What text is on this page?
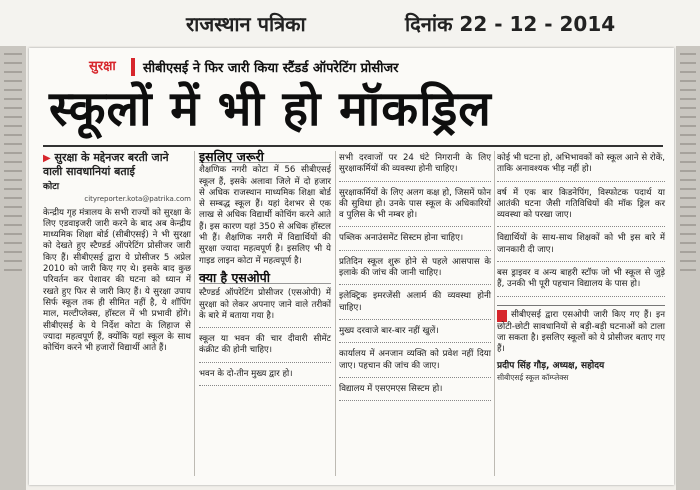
राजस्थान पत्रिका	दिनांक 22 - 12 - 2014
सुरक्षा सीबीएसई ने फिर जारी किया स्टैंडर्ड ऑपरेटिंग प्रोसीजर
स्कूलों में भी हो मॉकड्रिल
▶ सुरक्षा के मद्देनजर बरती जाने
वाली सावधानियां बताई
कोटा
cityreporter.kota@patrika.com
केन्द्रीय गृह मंत्रालय के सभी राज्यों को सुरक्षा के लिए एडवाइजरी जारी करने के बाद अब केन्द्रीय माध्यमिक शिक्षा बोर्ड (सीबीएसई) ने भी सुरक्षा को देखते हुए स्टैण्डर्ड ऑपरेटिंग प्रोसीजर जारी किए हैं। सीबीएसई द्वारा ये प्रोसीजर 5 अप्रेल 2010 को जारी किए गए थे। इसके बाद कुछ परिवर्तन कर पेशावर की घटना को ध्यान में रखते हुए फिर से जारी किए हैं। ये सुरक्षा उपाय सिर्फ स्कूल तक ही सीमित नहीं है, ये शॉपिंग माल, मल्टीप्लेक्स, हॉस्टल में भी प्रभावी होंगे। सीबीएसई के ये निर्देश कोटा के लिहाज से ज्यादा महत्वपूर्ण हैं, क्योंकि यहां स्कूल के साथ कोचिंग करने भी हजारों विद्यार्थी आते हैं।
इसलिए जरूरी
शैक्षणिक नगरी कोटा में 56 सीबीएसई स्कूल हैं, इसके अलावा जिले में दो हजार से अधिक राजस्थान माध्यमिक शिक्षा बोर्ड से सम्बद्ध स्कूल हैं। यहां देशभर से एक लाख से अधिक विद्यार्थी कोचिंग करने आते हैं। इस कारण यहां 350 से अधिक हॉस्टल भी हैं। शैक्षणिक नगरी में विद्यार्थियों की सुरक्षा ज्यादा महत्वपूर्ण है। इसलिए भी ये गाइड लाइन कोटा में महत्वपूर्ण है।
क्या है एसओपी
स्टैण्डर्ड ऑपरेटिंग प्रोसीजर (एसओपी) में सुरक्षा को लेकर अपनाए जाने वाले तरीकों के बारे में बताया गया है।
स्कूल या भवन की चार दीवारी सीमेंट कंक्रीट की होनी चाहिए।
भवन के दो-तीन मुख्य द्वार हो।
सभी दरवाजों पर 24 घंटे निगरानी के लिए सुरक्षाकर्मियों की व्यवस्था होनी चाहिए।
सुरक्षाकर्मियों के लिए अलग कक्ष हो, जिसमें फोन की सुविधा हो। उनके पास स्कूल के अधिकारियों व पुलिस के भी नम्बर हो।
पब्लिक अनाउंसमेंट सिस्टम होना चाहिए।
प्रतिदिन स्कूल शुरू होने से पहले आसपास के इलाके की जांच की जानी चाहिए।
इलेक्ट्रिक इमरजेंसी अलार्म की व्यवस्था होनी चाहिए।
मुख्य दरवाजे बार-बार नहीं खुलें।
कार्यालय में अनजान व्यक्ति को प्रवेश नहीं दिया जाए। पहचान की जांच की जाए।
विद्यालय में एसएमएस सिस्टम हो।
कोई भी घटना हो, अभिभावकों को स्कूल आने से रोकें, ताकि अनावश्यक भीड़ नहीं हो।
वर्ष में एक बार किडनेपिंग, विस्फोटक पदार्थ या आतंकी घटना जैसी गतिविधियों की मॉक ड्रिल कर व्यवस्था को परखा जाए।
विद्यार्थियों के साथ-साथ शिक्षकों को भी इस बारे में जानकारी दी जाए।
बस ड्राइवर व अन्य बाहरी स्टॉफ जो भी स्कूल से जुड़े हैं, उनकी भी पूरी पहचान विद्यालय के पास हो।
सीबीएसई द्वारा एसओपी जारी किए गए हैं। इन छोटी-छोटी सावधानियों से बड़ी-बड़ी घटनाओं को टाला जा सकता है। इसलिए स्कूलों को ये प्रोसीजर बताए गए हैं।
प्रदीप सिंह गौड़, अध्यक्ष, सहोदय
सीबीएसई स्कूल कॉम्प्लेक्स
